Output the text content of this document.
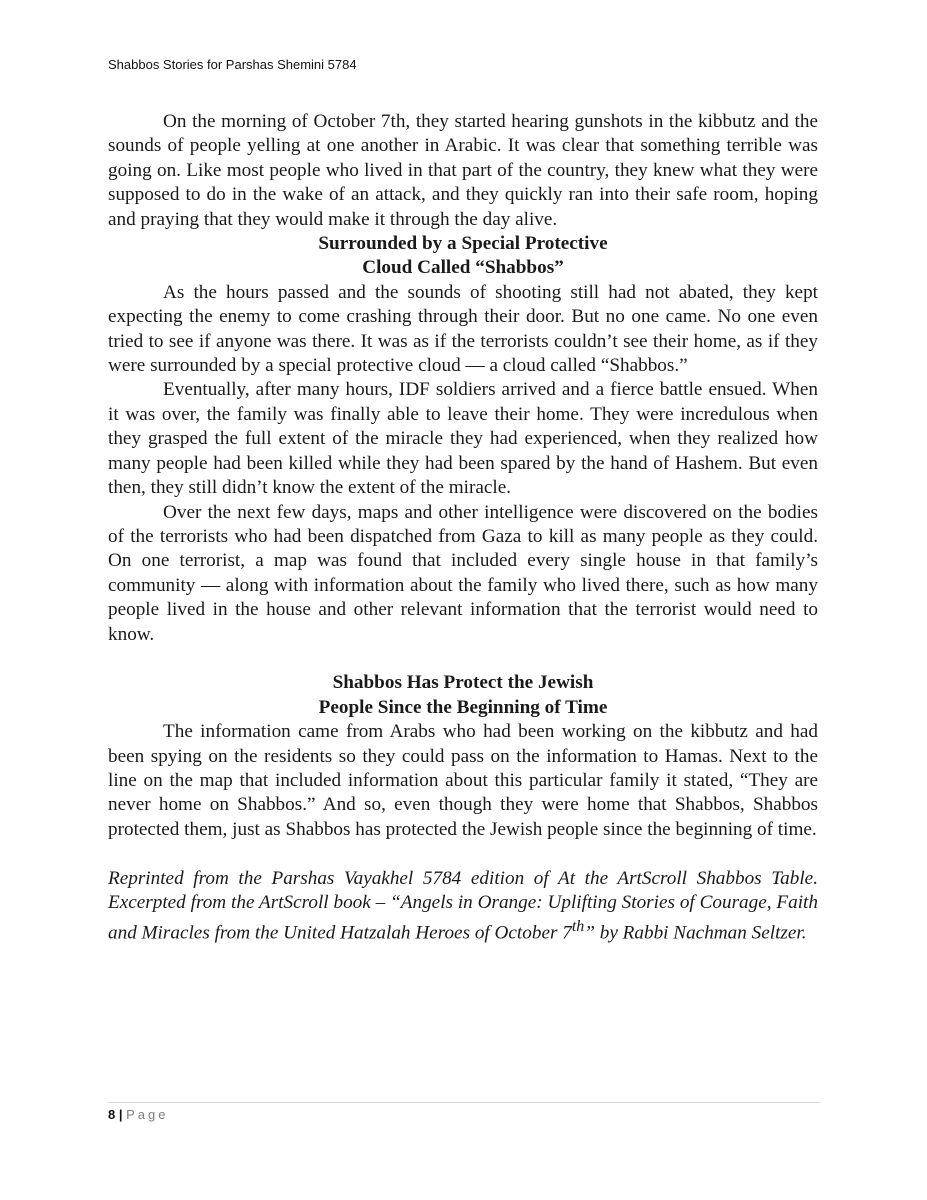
Shabbos Stories for Parshas Shemini 5784

On the morning of October 7th, they started hearing gunshots in the kibbutz and the sounds of people yelling at one another in Arabic. It was clear that something terrible was going on. Like most people who lived in that part of the country, they knew what they were supposed to do in the wake of an attack, and they quickly ran into their safe room, hoping and praying that they would make it through the day alive.

Surrounded by a Special Protective
Cloud Called “Shabbos”

As the hours passed and the sounds of shooting still had not abated, they kept expecting the enemy to come crashing through their door. But no one came. No one even tried to see if anyone was there. It was as if the terrorists couldn’t see their home, as if they were surrounded by a special protective cloud — a cloud called “Shabbos.”

Eventually, after many hours, IDF soldiers arrived and a fierce battle ensued. When it was over, the family was finally able to leave their home. They were incredulous when they grasped the full extent of the miracle they had experienced, when they realized how many people had been killed while they had been spared by the hand of Hashem. But even then, they still didn’t know the extent of the miracle.

Over the next few days, maps and other intelligence were discovered on the bodies of the terrorists who had been dispatched from Gaza to kill as many people as they could. On one terrorist, a map was found that included every single house in that family’s community — along with information about the family who lived there, such as how many people lived in the house and other relevant information that the terrorist would need to know.

Shabbos Has Protect the Jewish
People Since the Beginning of Time

The information came from Arabs who had been working on the kibbutz and had been spying on the residents so they could pass on the information to Hamas. Next to the line on the map that included information about this particular family it stated, “They are never home on Shabbos.” And so, even though they were home that Shabbos, Shabbos protected them, just as Shabbos has protected the Jewish people since the beginning of time.

Reprinted from the Parshas Vayakhel 5784 edition of At the ArtScroll Shabbos Table. Excerpted from the ArtScroll book – “Angels in Orange: Uplifting Stories of Courage, Faith and Miracles from the United Hatzalah Heroes of October 7th” by Rabbi Nachman Seltzer.

8 | Page
